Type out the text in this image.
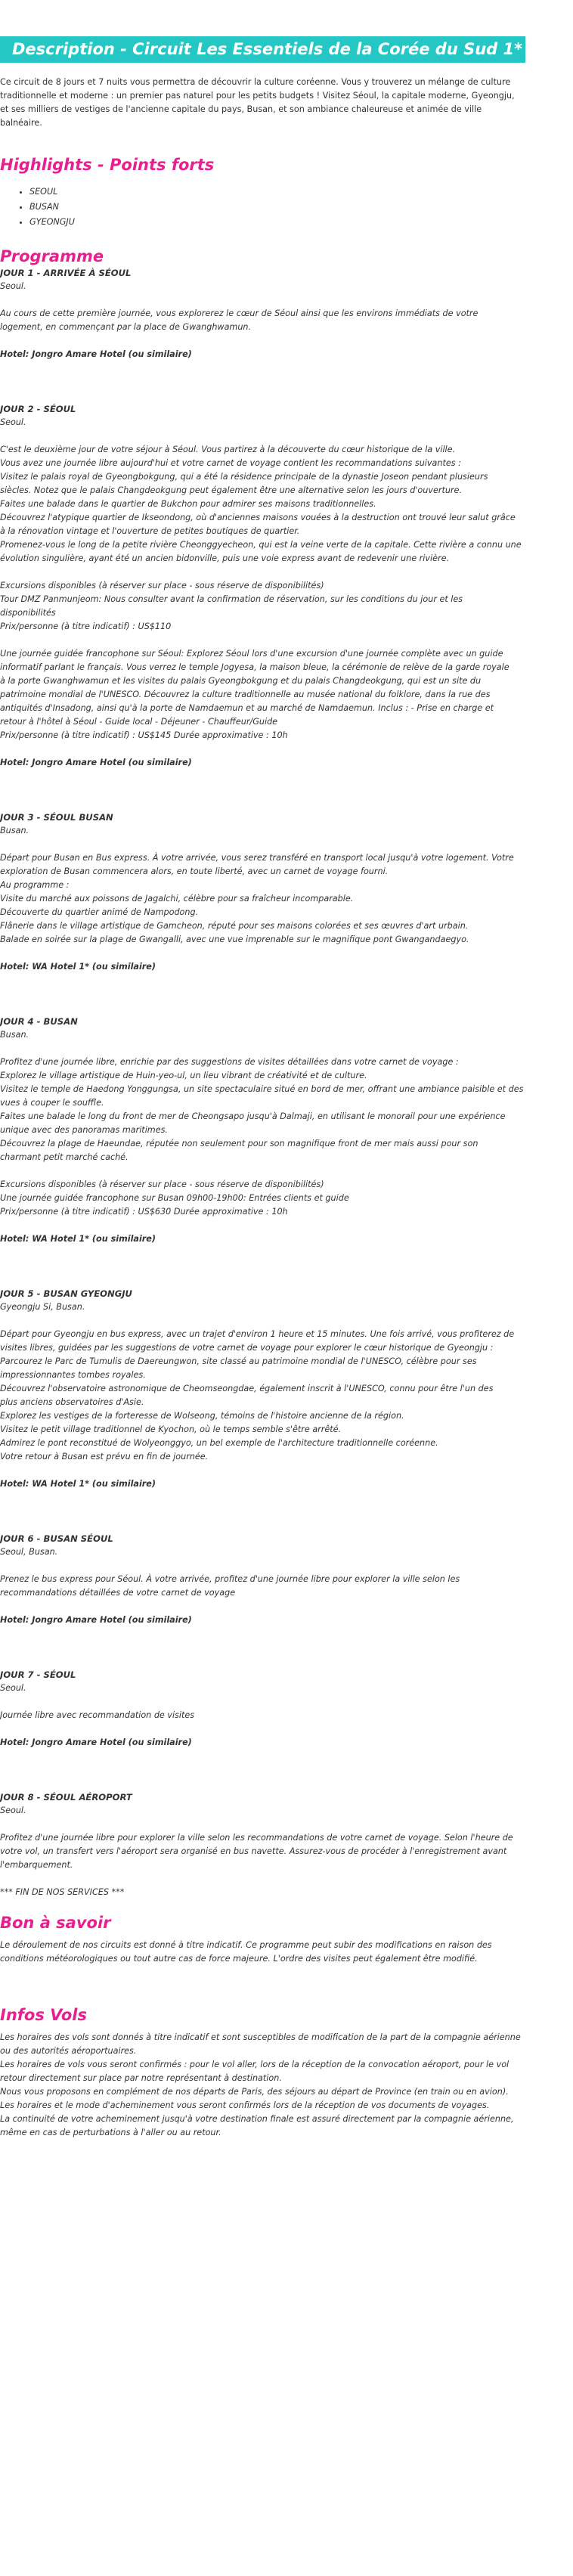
Description - Circuit Les Essentiels de la Corée du Sud 1*
Ce circuit de 8 jours et 7 nuits vous permettra de découvrir la culture coréenne. Vous y trouverez un mélange de culture
traditionnelle et moderne : un premier pas naturel pour les petits budgets ! Visitez Séoul, la capitale moderne, Gyeongju,
et ses milliers de vestiges de l'ancienne capitale du pays, Busan, et son ambiance chaleureuse et animée de ville
balnéaire.
Highlights - Points forts
• SEOUL
• BUSAN
• GYEONGJU
Programme
JOUR 1 - ARRIVÉE À SÉOUL
Seoul.
Au cours de cette première journée, vous explorerez le cœur de Séoul ainsi que les environs immédiats de votre
logement, en commençant par la place de Gwanghwamun.
Hotel: Jongro Amare Hotel (ou similaire)
JOUR 2 - SÉOUL
Seoul.
C'est le deuxième jour de votre séjour à Séoul. Vous partirez à la découverte du cœur historique de la ville.
Vous avez une journée libre aujourd'hui et votre carnet de voyage contient les recommandations suivantes :
Visitez le palais royal de Gyeongbokgung, qui a été la résidence principale de la dynastie Joseon pendant plusieurs
siècles. Notez que le palais Changdeokgung peut également être une alternative selon les jours d'ouverture.
Faites une balade dans le quartier de Bukchon pour admirer ses maisons traditionnelles.
Découvrez l'atypique quartier de Ikseondong, où d'anciennes maisons vouées à la destruction ont trouvé leur salut grâce
à la rénovation vintage et l'ouverture de petites boutiques de quartier.
Promenez-vous le long de la petite rivière Cheonggyecheon, qui est la veine verte de la capitale. Cette rivière a connu une
évolution singulière, ayant été un ancien bidonville, puis une voie express avant de redevenir une rivière.
Excursions disponibles (à réserver sur place - sous réserve de disponibilités)
Tour DMZ Panmunjeom: Nous consulter avant la confirmation de réservation, sur les conditions du jour et les
disponibilités
Prix/personne (à titre indicatif) : US$110
Une journée guidée francophone sur Séoul: Explorez Séoul lors d'une excursion d'une journée complète avec un guide
informatif parlant le français. Vous verrez le temple Jogyesa, la maison bleue, la cérémonie de relève de la garde royale
à la porte Gwanghwamun et les visites du palais Gyeongbokgung et du palais Changdeokgung, qui est un site du
patrimoine mondial de l'UNESCO. Découvrez la culture traditionnelle au musée national du folklore, dans la rue des
antiquités d'Insadong, ainsi qu'à la porte de Namdaemun et au marché de Namdaemun. Inclus : - Prise en charge et
retour à l'hôtel à Séoul - Guide local - Déjeuner - Chauffeur/Guide
Prix/personne (à titre indicatif) : US$145 Durée approximative : 10h
Hotel: Jongro Amare Hotel (ou similaire)
JOUR 3 - SÉOUL BUSAN
Busan.
Départ pour Busan en Bus express. À votre arrivée, vous serez transféré en transport local jusqu'à votre logement. Votre
exploration de Busan commencera alors, en toute liberté, avec un carnet de voyage fourni.
Au programme :
Visite du marché aux poissons de Jagalchi, célèbre pour sa fraîcheur incomparable.
Découverte du quartier animé de Nampodong.
Flânerie dans le village artistique de Gamcheon, réputé pour ses maisons colorées et ses œuvres d'art urbain.
Balade en soirée sur la plage de Gwangalli, avec une vue imprenable sur le magnifique pont Gwangandaegyo.
Hotel: WA Hotel 1* (ou similaire)
JOUR 4 - BUSAN
Busan.
Profitez d'une journée libre, enrichie par des suggestions de visites détaillées dans votre carnet de voyage :
Explorez le village artistique de Huin-yeo-ul, un lieu vibrant de créativité et de culture.
Visitez le temple de Haedong Yonggungsa, un site spectaculaire situé en bord de mer, offrant une ambiance paisible et des
vues à couper le souffle.
Faites une balade le long du front de mer de Cheongsapo jusqu'à Dalmaji, en utilisant le monorail pour une expérience
unique avec des panoramas maritimes.
Découvrez la plage de Haeundae, réputée non seulement pour son magnifique front de mer mais aussi pour son
charmant petit marché caché.
Excursions disponibles (à réserver sur place - sous réserve de disponibilités)
Une journée guidée francophone sur Busan 09h00-19h00: Entrées clients et guide
Prix/personne (à titre indicatif) : US$630 Durée approximative : 10h
Hotel: WA Hotel 1* (ou similaire)
JOUR 5 - BUSAN GYEONGJU
Gyeongju Si, Busan.
Départ pour Gyeongju en bus express, avec un trajet d'environ 1 heure et 15 minutes. Une fois arrivé, vous profiterez de
visites libres, guidées par les suggestions de votre carnet de voyage pour explorer le cœur historique de Gyeongju :
Parcourez le Parc de Tumulis de Daereungwon, site classé au patrimoine mondial de l'UNESCO, célèbre pour ses
impressionnantes tombes royales.
Découvrez l'observatoire astronomique de Cheomseongdae, également inscrit à l'UNESCO, connu pour être l'un des
plus anciens observatoires d'Asie.
Explorez les vestiges de la forteresse de Wolseong, témoins de l'histoire ancienne de la région.
Visitez le petit village traditionnel de Kyochon, où le temps semble s'être arrêté.
Admirez le pont reconstitué de Wolyeonggyo, un bel exemple de l'architecture traditionnelle coréenne.
Votre retour à Busan est prévu en fin de journée.
Hotel: WA Hotel 1* (ou similaire)
JOUR 6 - BUSAN SÉOUL
Seoul, Busan.
Prenez le bus express pour Séoul. À votre arrivée, profitez d'une journée libre pour explorer la ville selon les
recommandations détaillées de votre carnet de voyage
Hotel: Jongro Amare Hotel (ou similaire)
JOUR 7 - SÉOUL
Seoul.
Journée libre avec recommandation de visites
Hotel: Jongro Amare Hotel (ou similaire)
JOUR 8 - SÉOUL AÉROPORT
Seoul.
Profitez d'une journée libre pour explorer la ville selon les recommandations de votre carnet de voyage. Selon l'heure de
votre vol, un transfert vers l'aéroport sera organisé en bus navette. Assurez-vous de procéder à l'enregistrement avant
l'embarquement.
*** FIN DE NOS SERVICES ***
Bon à savoir
Le déroulement de nos circuits est donné à titre indicatif. Ce programme peut subir des modifications en raison des
conditions météorologiques ou tout autre cas de force majeure. L'ordre des visites peut également être modifié.
Infos Vols
Les horaires des vols sont donnés à titre indicatif et sont susceptibles de modification de la part de la compagnie aérienne
ou des autorités aéroportuaires.
Les horaires de vols vous seront confirmés : pour le vol aller, lors de la réception de la convocation aéroport, pour le vol
retour directement sur place par notre représentant à destination.
Nous vous proposons en complément de nos départs de Paris, des séjours au départ de Province (en train ou en avion).
Les horaires et le mode d'acheminement vous seront confirmés lors de la réception de vos documents de voyages.
La continuité de votre acheminement jusqu'à votre destination finale est assuré directement par la compagnie aérienne,
même en cas de perturbations à l'aller ou au retour.
